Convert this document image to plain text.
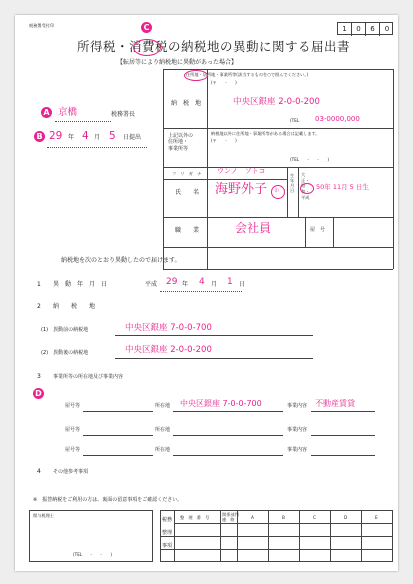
税務署受付印	1	0	6	0
所得税・消費税の納税地の異動に関する届出書
C
【転居等により納税地に異動があった場合】
A 京橋	税務署長
B 29 年 4 月 5 日提出
納　税　地
住所地・居所地・事業所等(該当するものを○で囲んでください。)
(〒　　-　　)
中央区銀座 2-0-0-200
(TEL 03-0000,000
上記以外の
住所地・
事業所等
納税地以外に住所地・事業所等がある場合は記載します。
(〒　　-　　)
(TEL　　-　　-　　)
フ　リ　ガ　ナ ウンノ　ソトコ
氏　　名 海野外子 印
生年月日
大正・昭和・平成
50年 11月 5 日生
職　　業	会社員	屋　号
納税地を次のとおり異動したので届けます。
1 異　動　年　月　日	平成 29 年 4 月 1 日
2 納　　税　　地
(1)　異動前の納税地	中央区銀座 7-0-0-700
(2)　異動後の納税地	中央区銀座 2-0-0-200
3 事業所等の所在地及び事業内容
D
屋号等	所在地 中央区銀座 7-0-0-700	事業内容 不動産賃貸
屋号等	所在地	事業内容
屋号等	所在地	事業内容
4 その他参考事項
※　振替納税をご利用の方は、裏面の留意事項をご確認ください。
関与税理士
(TEL　　-　　-　　)
税務
整理
事項
整　理　番　号
関係部門
連　絡	A	B	C	D	E
